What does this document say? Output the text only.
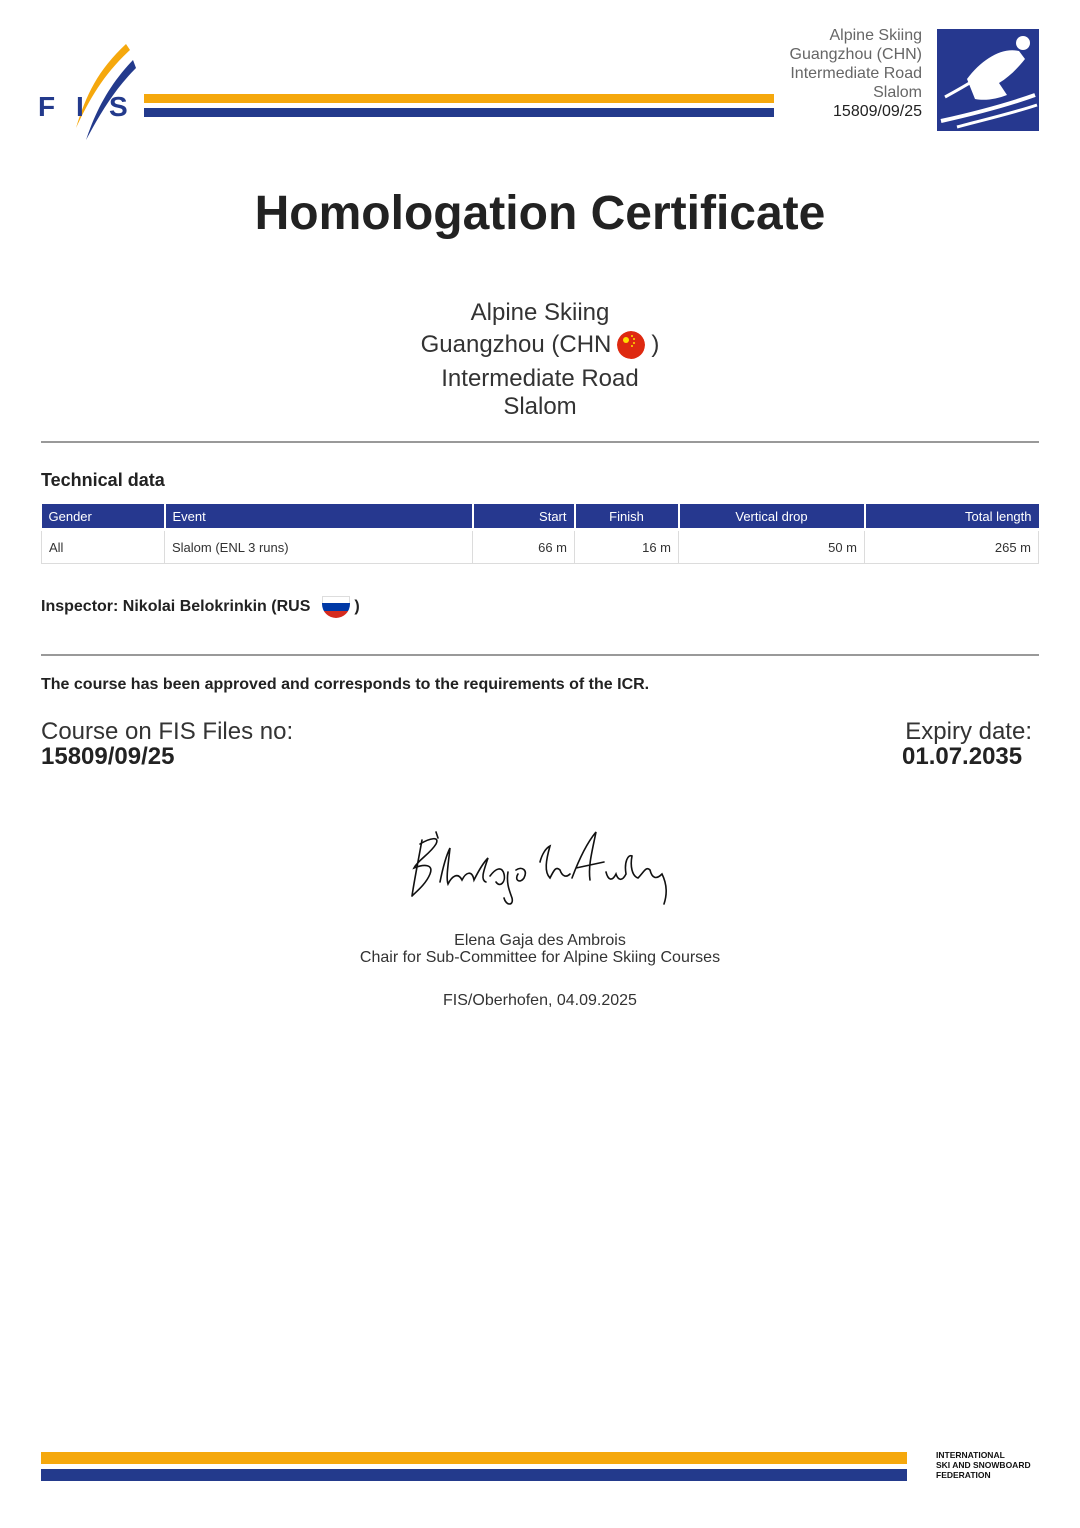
F I S
Alpine Skiing
Guangzhou (CHN)
Intermediate Road
Slalom
15809/09/25
Homologation Certificate
Alpine Skiing
Guangzhou (CHN )
Intermediate Road
Slalom
Technical data
Gender	Event	Start	Finish	Vertical drop	Total length
All	Slalom (ENL 3 runs)	66 m	16 m	50 m	265 m
Inspector: Nikolai Belokrinkin (RUS	)
The course has been approved and corresponds to the requirements of the ICR.
Course on FIS Files no:
15809/09/25
Expiry date:
01.07.2035
Elena Gaja des Ambrois
Chair for Sub-Committee for Alpine Skiing Courses
FIS/Oberhofen, 04.09.2025
INTERNATIONAL
SKI AND SNOWBOARD
FEDERATION
